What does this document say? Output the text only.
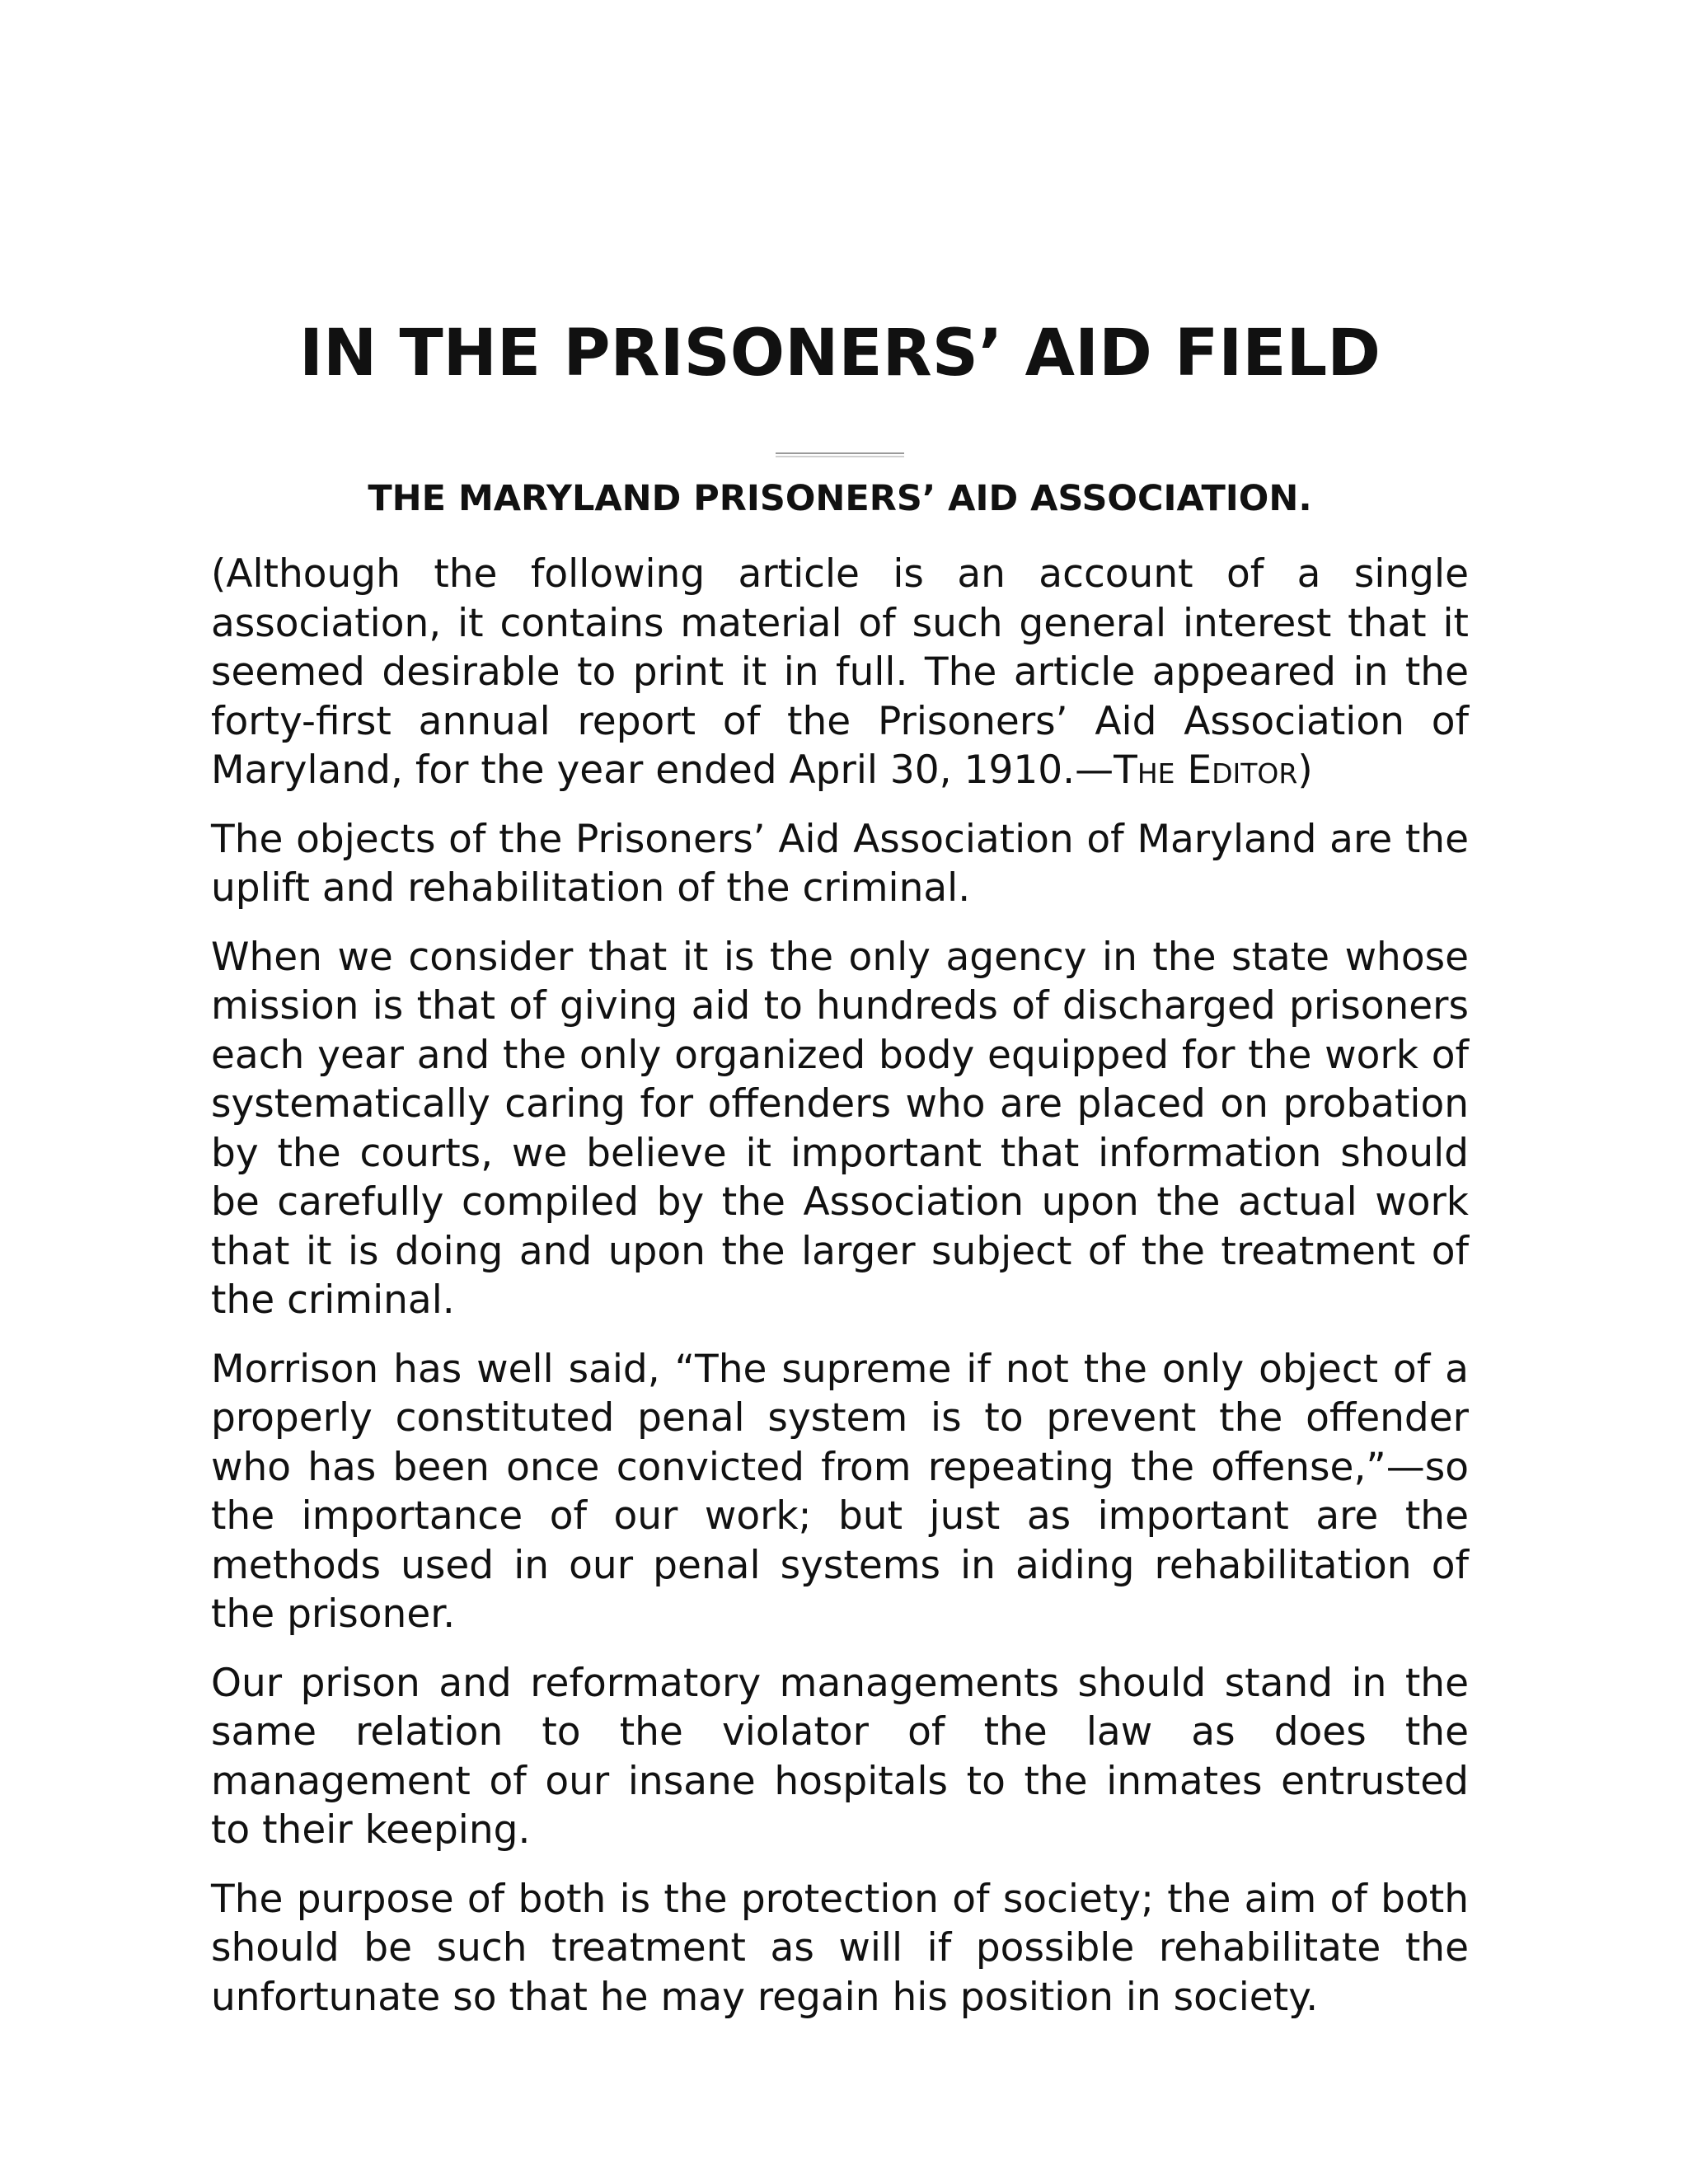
IN THE PRISONERS’ AID FIELD
THE MARYLAND PRISONERS’ AID ASSOCIATION.

(Although the following article is an account of a single association, it contains material of such general interest that it seemed desirable to print it in full. The article appeared in the forty-first annual report of the Prisoners’ Aid Association of Maryland, for the year ended April 30, 1910.—The Editor)

The objects of the Prisoners’ Aid Association of Maryland are the uplift and rehabilitation of the criminal.

When we consider that it is the only agency in the state whose mission is that of giving aid to hundreds of discharged prisoners each year and the only organized body equipped for the work of systematically caring for offenders who are placed on probation by the courts, we believe it important that information should be carefully compiled by the Association upon the actual work that it is doing and upon the larger subject of the treatment of the criminal.

Morrison has well said, “The supreme if not the only object of a properly constituted penal system is to prevent the offender who has been once convicted from repeating the offense,”—so the importance of our work; but just as important are the methods used in our penal systems in aiding rehabilitation of the prisoner.

Our prison and reformatory managements should stand in the same relation to the violator of the law as does the management of our insane hospitals to the inmates entrusted to their keeping.

The purpose of both is the protection of society; the aim of both should be such treatment as will if possible rehabilitate the unfortunate so that he may regain his position in society.
